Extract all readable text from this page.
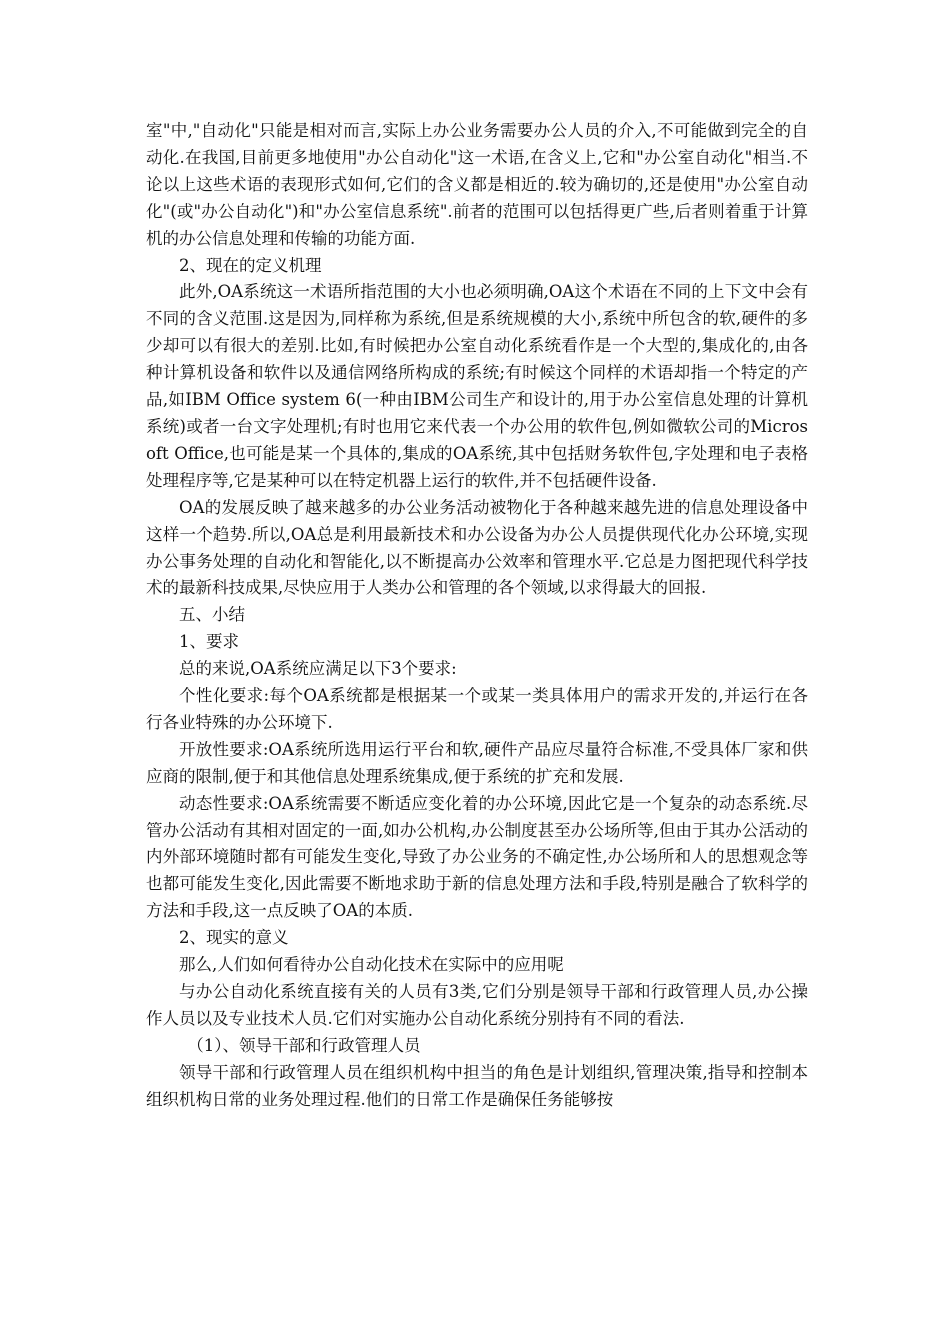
室"中,"自动化"只能是相对而言,实际上办公业务需要办公人员的介入,不可能做到完全的自动化.在我国,目前更多地使用"办公自动化"这一术语,在含义上,它和"办公室自动化"相当.不论以上这些术语的表现形式如何,它们的含义都是相近的.较为确切的,还是使用"办公室自动化"(或"办公自动化")和"办公室信息系统".前者的范围可以包括得更广些,后者则着重于计算机的办公信息处理和传输的功能方面.

2、现在的定义机理

此外,OA系统这一术语所指范围的大小也必须明确,OA这个术语在不同的上下文中会有不同的含义范围.这是因为,同样称为系统,但是系统规模的大小,系统中所包含的软,硬件的多少却可以有很大的差别.比如,有时候把办公室自动化系统看作是一个大型的,集成化的,由各种计算机设备和软件以及通信网络所构成的系统;有时候这个同样的术语却指一个特定的产品,如IBM Office system 6(一种由IBM公司生产和设计的,用于办公室信息处理的计算机系统)或者一台文字处理机;有时也用它来代表一个办公用的软件包,例如微软公司的Microsoft Office,也可能是某一个具体的,集成的OA系统,其中包括财务软件包,字处理和电子表格处理程序等,它是某种可以在特定机器上运行的软件,并不包括硬件设备.

OA的发展反映了越来越多的办公业务活动被物化于各种越来越先进的信息处理设备中这样一个趋势.所以,OA总是利用最新技术和办公设备为办公人员提供现代化办公环境,实现办公事务处理的自动化和智能化,以不断提高办公效率和管理水平.它总是力图把现代科学技术的最新科技成果,尽快应用于人类办公和管理的各个领域,以求得最大的回报.

五、小结

1、要求

总的来说,OA系统应满足以下3个要求:

个性化要求:每个OA系统都是根据某一个或某一类具体用户的需求开发的,并运行在各行各业特殊的办公环境下.

开放性要求:OA系统所选用运行平台和软,硬件产品应尽量符合标准,不受具体厂家和供应商的限制,便于和其他信息处理系统集成,便于系统的扩充和发展.

动态性要求:OA系统需要不断适应变化着的办公环境,因此它是一个复杂的动态系统.尽管办公活动有其相对固定的一面,如办公机构,办公制度甚至办公场所等,但由于其办公活动的内外部环境随时都有可能发生变化,导致了办公业务的不确定性,办公场所和人的思想观念等也都可能发生变化,因此需要不断地求助于新的信息处理方法和手段,特别是融合了软科学的方法和手段,这一点反映了OA的本质.

2、现实的意义

那么,人们如何看待办公自动化技术在实际中的应用呢

与办公自动化系统直接有关的人员有3类,它们分别是领导干部和行政管理人员,办公操作人员以及专业技术人员.它们对实施办公自动化系统分别持有不同的看法.

（1）、领导干部和行政管理人员

领导干部和行政管理人员在组织机构中担当的角色是计划组织,管理决策,指导和控制本组织机构日常的业务处理过程.他们的日常工作是确保任务能够按
